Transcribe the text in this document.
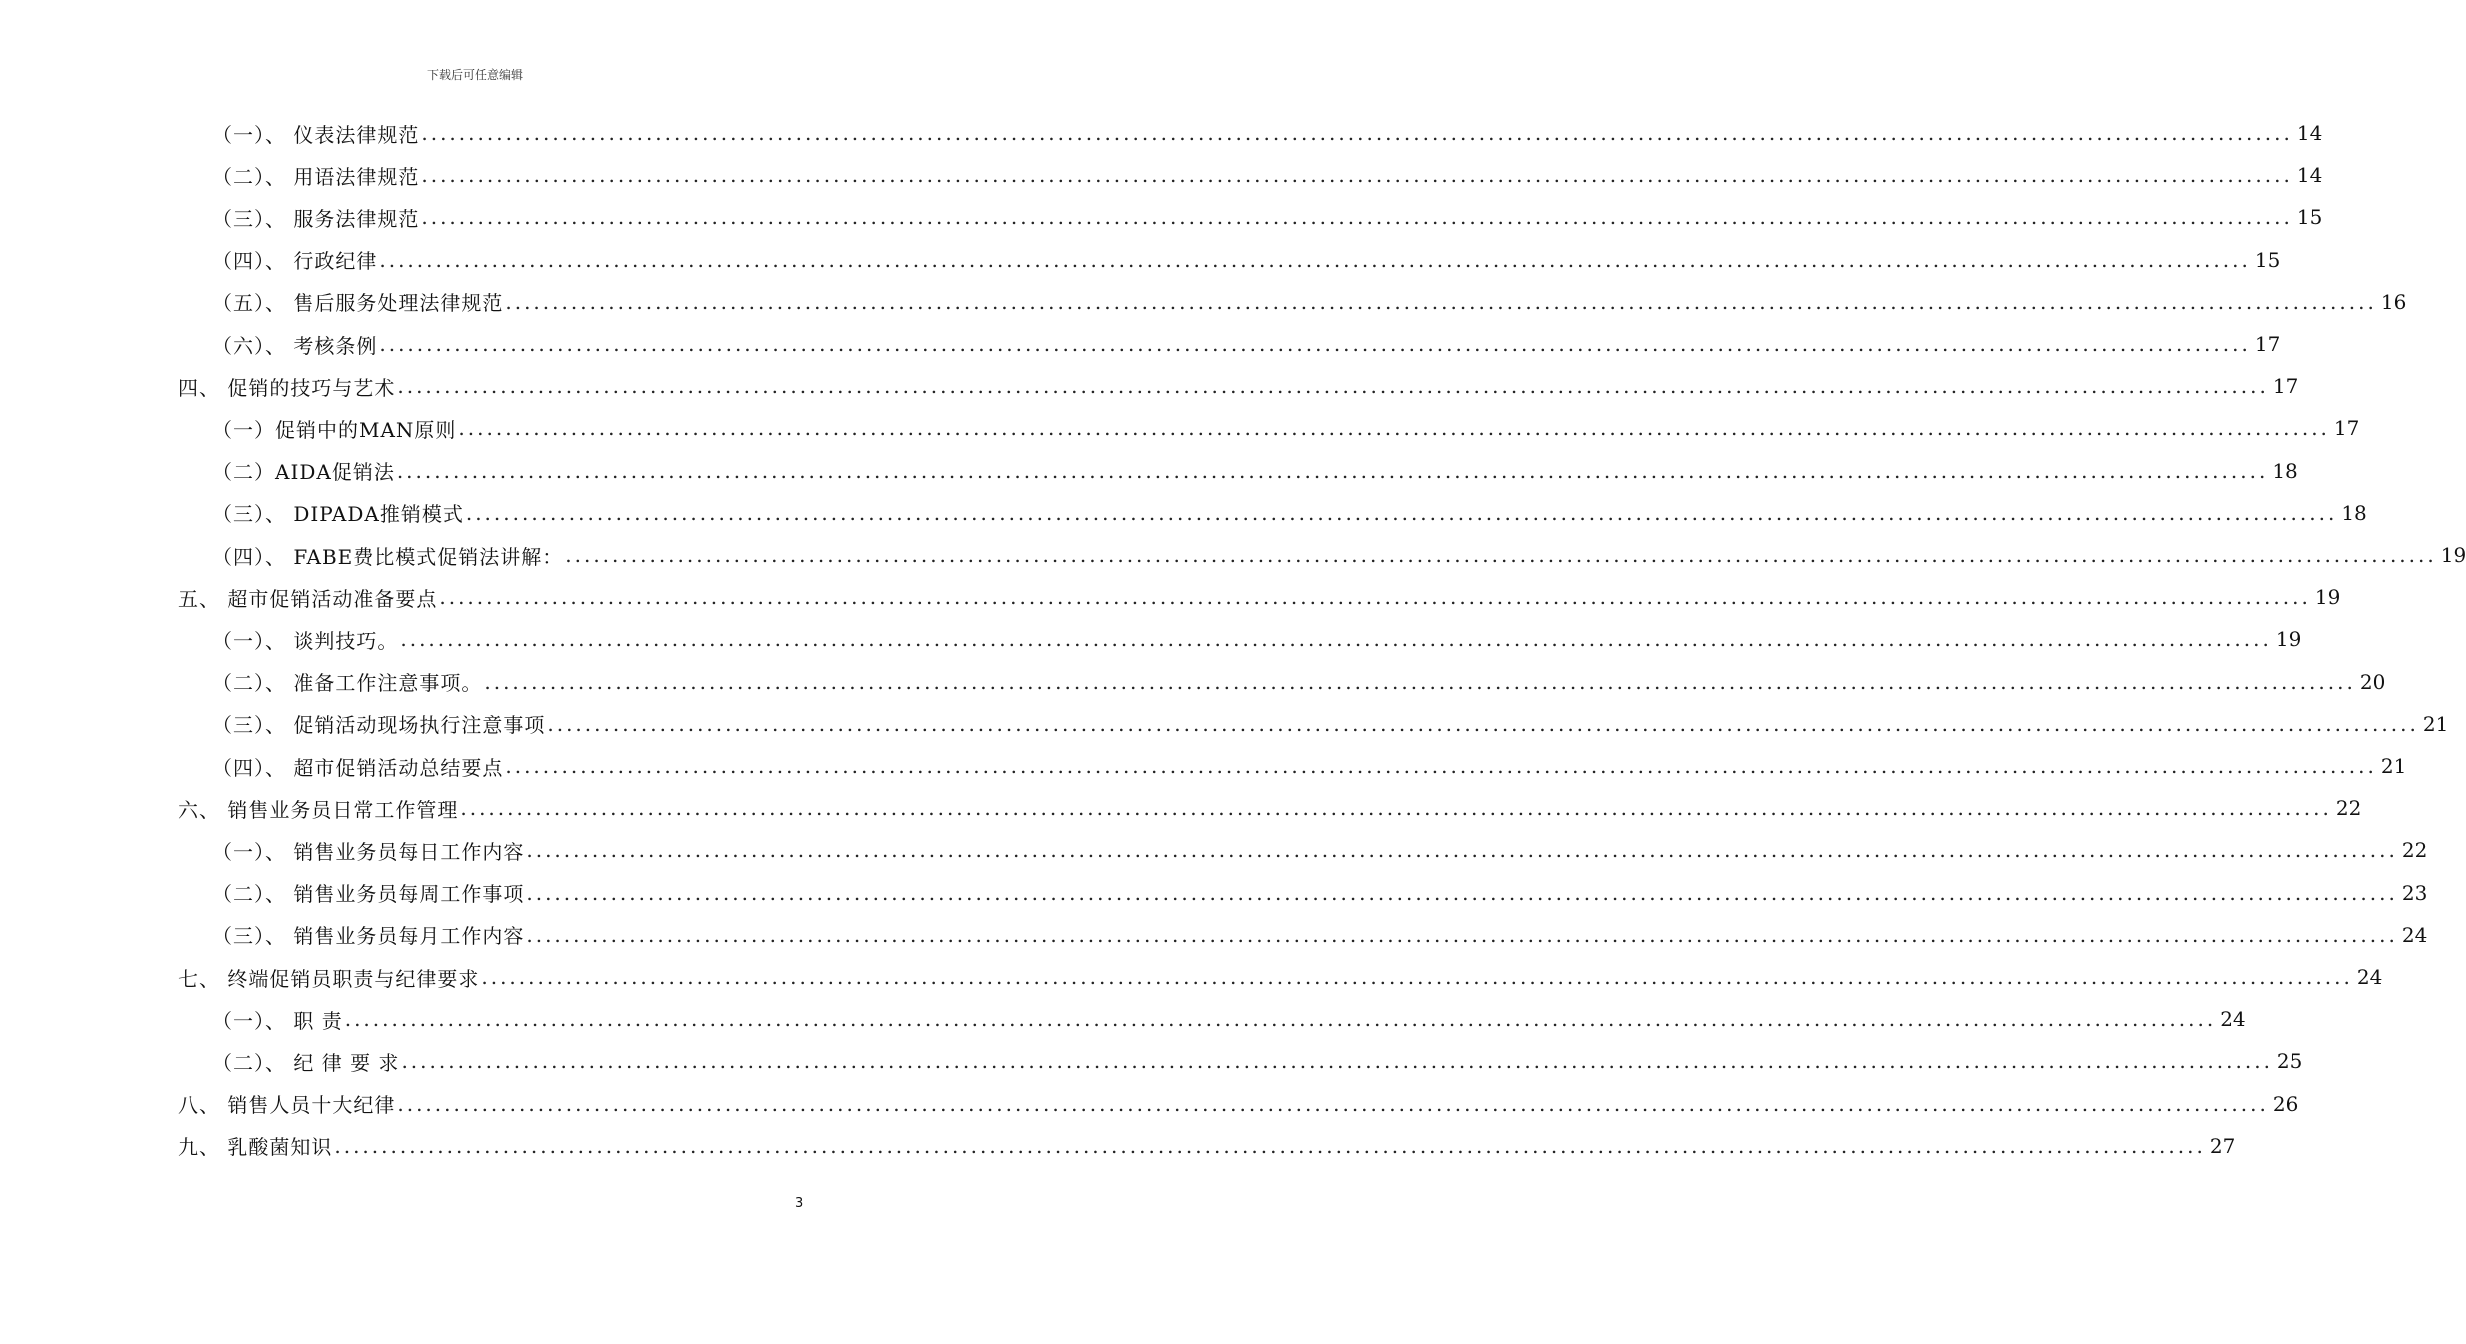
下载后可任意编辑
（一）、 仪表法律规范 ........................................................................................................................................................................................................ 14
（二）、 用语法律规范 ........................................................................................................................................................................................................ 14
（三）、 服务法律规范 ........................................................................................................................................................................................................ 15
（四）、 行政纪律 ........................................................................................................................................................................................................ 15
（五）、 售后服务处理法律规范 ........................................................................................................................................................................................................ 16
（六）、 考核条例 ........................................................................................................................................................................................................ 17
四、 促销的技巧与艺术 ........................................................................................................................................................................................................ 17
（一）促销中的MAN原则 ........................................................................................................................................................................................................ 17
（二）AIDA促销法 ........................................................................................................................................................................................................ 18
（三）、 DIPADA推销模式 ........................................................................................................................................................................................................ 18
（四）、 FABE费比模式促销法讲解： ........................................................................................................................................................................................................ 19
五、 超市促销活动准备要点 ........................................................................................................................................................................................................ 19
（一）、 谈判技巧。 ........................................................................................................................................................................................................ 19
（二）、 准备工作注意事项。 ........................................................................................................................................................................................................ 20
（三）、 促销活动现场执行注意事项 ........................................................................................................................................................................................................ 21
（四）、 超市促销活动总结要点 ........................................................................................................................................................................................................ 21
六、 销售业务员日常工作管理 ........................................................................................................................................................................................................ 22
（一）、 销售业务员每日工作内容 ........................................................................................................................................................................................................ 22
（二）、 销售业务员每周工作事项 ........................................................................................................................................................................................................ 23
（三）、 销售业务员每月工作内容 ........................................................................................................................................................................................................ 24
七、 终端促销员职责与纪律要求 ........................................................................................................................................................................................................ 24
（一）、 职 责 ........................................................................................................................................................................................................ 24
（二）、 纪 律 要 求 ........................................................................................................................................................................................................ 25
八、 销售人员十大纪律 ........................................................................................................................................................................................................ 26
九、 乳酸菌知识 ........................................................................................................................................................................................................ 27
3
